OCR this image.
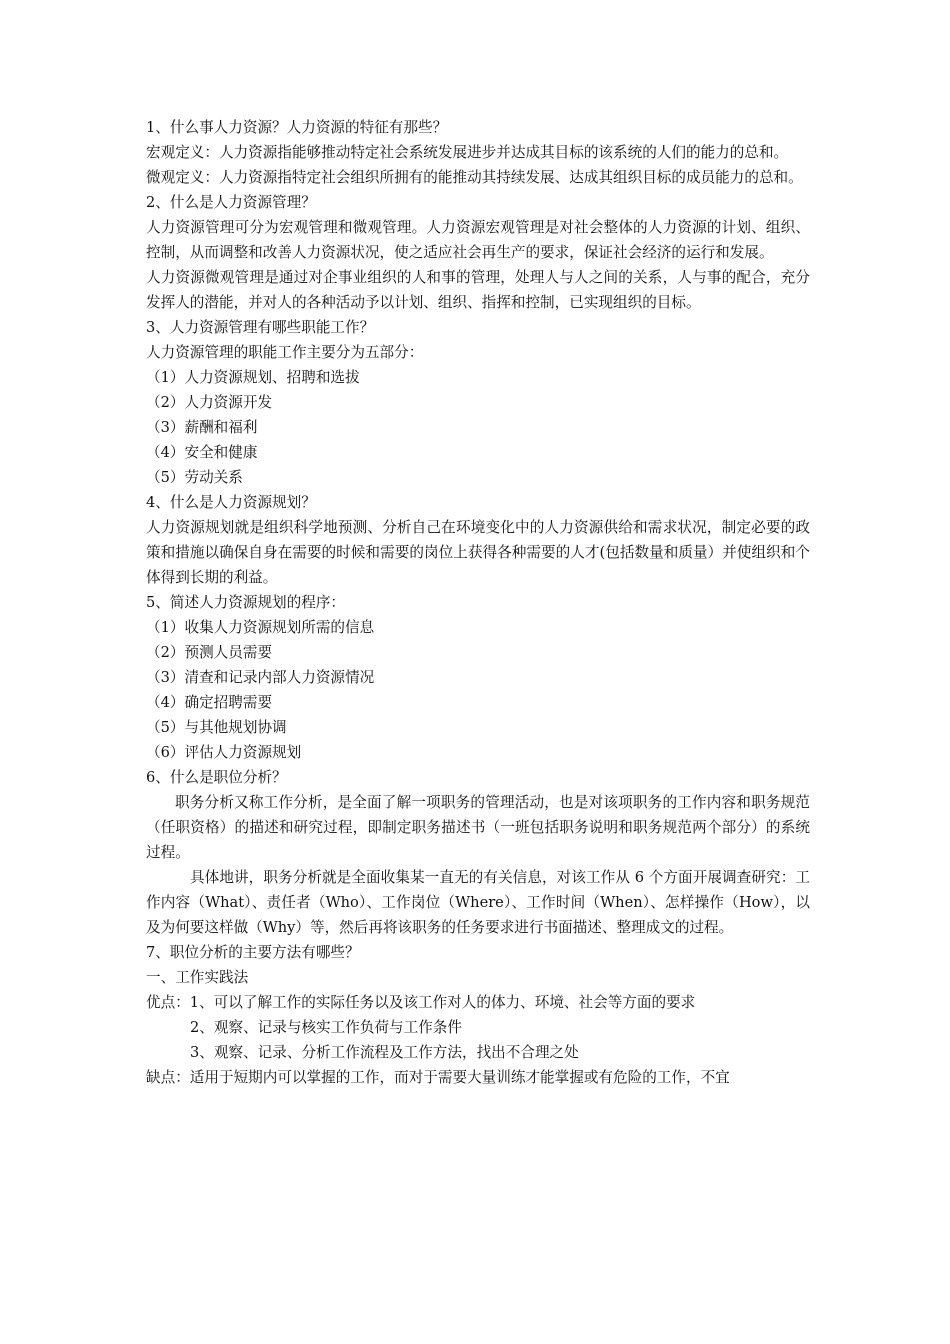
1、什么事人力资源？人力资源的特征有那些？
宏观定义：人力资源指能够推动特定社会系统发展进步并达成其目标的该系统的人们的能力的总和。
微观定义：人力资源指特定社会组织所拥有的能推动其持续发展、达成其组织目标的成员能力的总和。
2、什么是人力资源管理？
人力资源管理可分为宏观管理和微观管理。人力资源宏观管理是对社会整体的人力资源的计划、组织、控制，从而调整和改善人力资源状况，使之适应社会再生产的要求，保证社会经济的运行和发展。
人力资源微观管理是通过对企事业组织的人和事的管理，处理人与人之间的关系，人与事的配合，充分发挥人的潜能，并对人的各种活动予以计划、组织、指挥和控制，已实现组织的目标。
3、人力资源管理有哪些职能工作？
人力资源管理的职能工作主要分为五部分：
（1）人力资源规划、招聘和选拔
（2）人力资源开发
（3）薪酬和福利
（4）安全和健康
（5）劳动关系
4、什么是人力资源规划？
人力资源规划就是组织科学地预测、分析自己在环境变化中的人力资源供给和需求状况，制定必要的政策和措施以确保自身在需要的时候和需要的岗位上获得各种需要的人才(包括数量和质量）并使组织和个体得到长期的利益。
5、简述人力资源规划的程序：
（1）收集人力资源规划所需的信息
（2）预测人员需要
（3）清查和记录内部人力资源情况
（4）确定招聘需要
（5）与其他规划协调
（6）评估人力资源规划
6、什么是职位分析？
职务分析又称工作分析，是全面了解一项职务的管理活动，也是对该项职务的工作内容和职务规范（任职资格）的描述和研究过程，即制定职务描述书（一班包括职务说明和职务规范两个部分）的系统过程。
具体地讲，职务分析就是全面收集某一直无的有关信息，对该工作从 6 个方面开展调查研究：工作内容（What）、责任者（Who）、工作岗位（Where）、工作时间（When）、怎样操作（How），以及为何要这样做（Why）等，然后再将该职务的任务要求进行书面描述、整理成文的过程。
7、职位分析的主要方法有哪些？
一、工作实践法
优点：1、可以了解工作的实际任务以及该工作对人的体力、环境、社会等方面的要求
2、观察、记录与核实工作负荷与工作条件
3、观察、记录、分析工作流程及工作方法，找出不合理之处
缺点：适用于短期内可以掌握的工作，而对于需要大量训练才能掌握或有危险的工作，不宜
